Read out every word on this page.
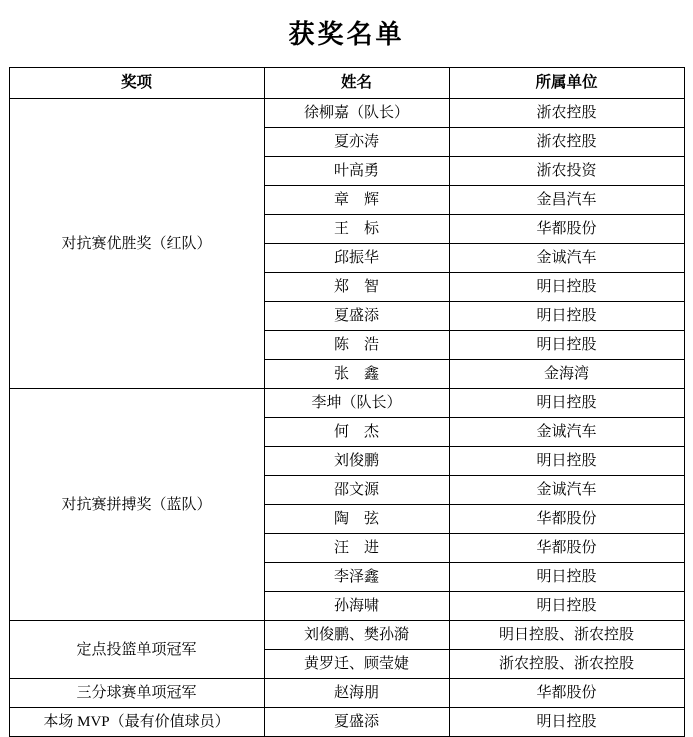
获奖名单
奖项	姓名	所属单位
对抗赛优胜奖（红队）	徐柳嘉（队长）	浙农控股
	夏亦涛	浙农控股
	叶高勇	浙农投资
	章　辉	金昌汽车
	王　标	华都股份
	邱振华	金诚汽车
	郑　智	明日控股
	夏盛添	明日控股
	陈　浩	明日控股
	张　鑫	金海湾
对抗赛拼搏奖（蓝队）	李坤（队长）	明日控股
	何　杰	金诚汽车
	刘俊鹏	明日控股
	邵文源	金诚汽车
	陶　弦	华都股份
	汪　进	华都股份
	李泽鑫	明日控股
	孙海啸	明日控股
定点投篮单项冠军	刘俊鹏、樊孙漪	明日控股、浙农控股
	黄罗迁、顾莹婕	浙农控股、浙农控股
三分球赛单项冠军	赵海朋	华都股份
本场 MVP（最有价值球员）	夏盛添	明日控股
